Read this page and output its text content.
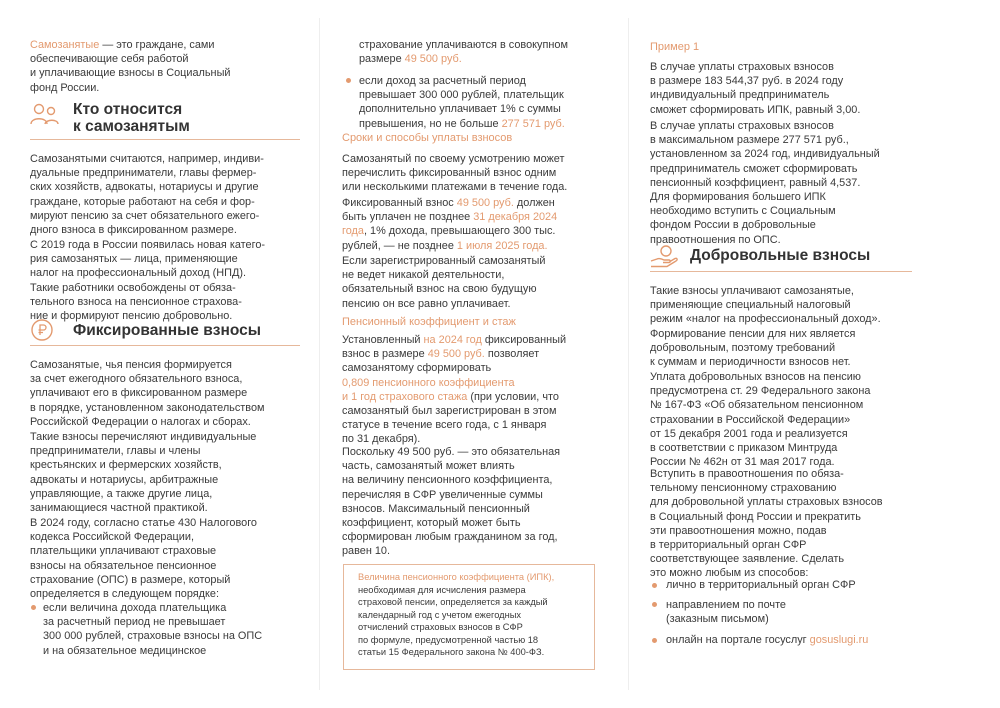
Самозанятые — это граждане, сами
обеспечивающие себя работой
и уплачивающие взносы в Социальный
фонд России.
Кто относится
к самозанятым
Самозанятыми считаются, например, индиви-
дуальные предприниматели, главы фермер-
ских хозяйств, адвокаты, нотариусы и другие
граждане, которые работают на себя и фор-
мируют пенсию за счет обязательного ежего-
дного взноса в фиксированном размере.
С 2019 года в России появилась новая катего-
рия самозанятых — лица, применяющие
налог на профессиональный доход (НПД).
Такие работники освобождены от обяза-
тельного взноса на пенсионное страхова-
ние и формируют пенсию добровольно.
Фиксированные взносы
Самозанятые, чья пенсия формируется
за счет ежегодного обязательного взноса,
уплачивают его в фиксированном размере
в порядке, установленном законодательством
Российской Федерации о налогах и сборах.
Такие взносы перечисляют индивидуальные
предприниматели, главы и члены
крестьянских и фермерских хозяйств,
адвокаты и нотариусы, арбитражные
управляющие, а также другие лица,
занимающиеся частной практикой.
В 2024 году, согласно статье 430 Налогового
кодекса Российской Федерации,
плательщики уплачивают страховые
взносы на обязательное пенсионное
страхование (ОПС) в размере, который
определяется в следующем порядке:
если величина дохода плательщика
за расчетный период не превышает
300 000 рублей, страховые взносы на ОПС
и на обязательное медицинское
страхование уплачиваются в совокупном
размере 49 500 руб.
если доход за расчетный период
превышает 300 000 рублей, плательщик
дополнительно уплачивает 1% с суммы
превышения, но не больше 277 571 руб.
Сроки и способы уплаты взносов
Самозанятый по своему усмотрению может
перечислить фиксированный взнос одним
или несколькими платежами в течение года.
Фиксированный взнос 49 500 руб. должен
быть уплачен не позднее 31 декабря 2024
года, 1% дохода, превышающего 300 тыс.
рублей, — не позднее 1 июля 2025 года.
Если зарегистрированный самозанятый
не ведет никакой деятельности,
обязательный взнос на свою будущую
пенсию он все равно уплачивает.
Пенсионный коэффициент и стаж
Установленный на 2024 год фиксированный
взнос в размере 49 500 руб. позволяет
самозанятому сформировать
0,809 пенсионного коэффициента
и 1 год страхового стажа (при условии, что
самозанятый был зарегистрирован в этом
статусе в течение всего года, с 1 января
по 31 декабря).
Поскольку 49 500 руб. — это обязательная
часть, самозанятый может влиять
на величину пенсионного коэффициента,
перечисляя в СФР увеличенные суммы
взносов. Максимальный пенсионный
коэффициент, который может быть
сформирован любым гражданином за год,
равен 10.
Величина пенсионного коэффициента (ИПК),
необходимая для исчисления размера
страховой пенсии, определяется за каждый
календарный год с учетом ежегодных
отчислений страховых взносов в СФР
по формуле, предусмотренной частью 18
статьи 15 Федерального закона № 400-ФЗ.
Пример 1
В случае уплаты страховых взносов
в размере 183 544,37 руб. в 2024 году
индивидуальный предприниматель
сможет сформировать ИПК, равный 3,00.
В случае уплаты страховых взносов
в максимальном размере 277 571 руб.,
установленном за 2024 год, индивидуальный
предприниматель сможет сформировать
пенсионный коэффициент, равный 4,537.
Для формирования большего ИПК
необходимо вступить с Социальным
фондом России в добровольные
правоотношения по ОПС.
Добровольные взносы
Такие взносы уплачивают самозанятые,
применяющие специальный налоговый
режим «налог на профессиональный доход».
Формирование пенсии для них является
добровольным, поэтому требований
к суммам и периодичности взносов нет.
Уплата добровольных взносов на пенсию
предусмотрена ст. 29 Федерального закона
№ 167-ФЗ «Об обязательном пенсионном
страховании в Российской Федерации»
от 15 декабря 2001 года и реализуется
в соответствии с приказом Минтруда
России № 462н от 31 мая 2017 года.
Вступить в правоотношения по обяза-
тельному пенсионному страхованию
для добровольной уплаты страховых взносов
в Социальный фонд России и прекратить
эти правоотношения можно, подав
в территориальный орган СФР
соответствующее заявление. Сделать
это можно любым из способов:
лично в территориальный орган СФР
направлением по почте
(заказным письмом)
онлайн на портале госуслуг gosuslugi.ru
